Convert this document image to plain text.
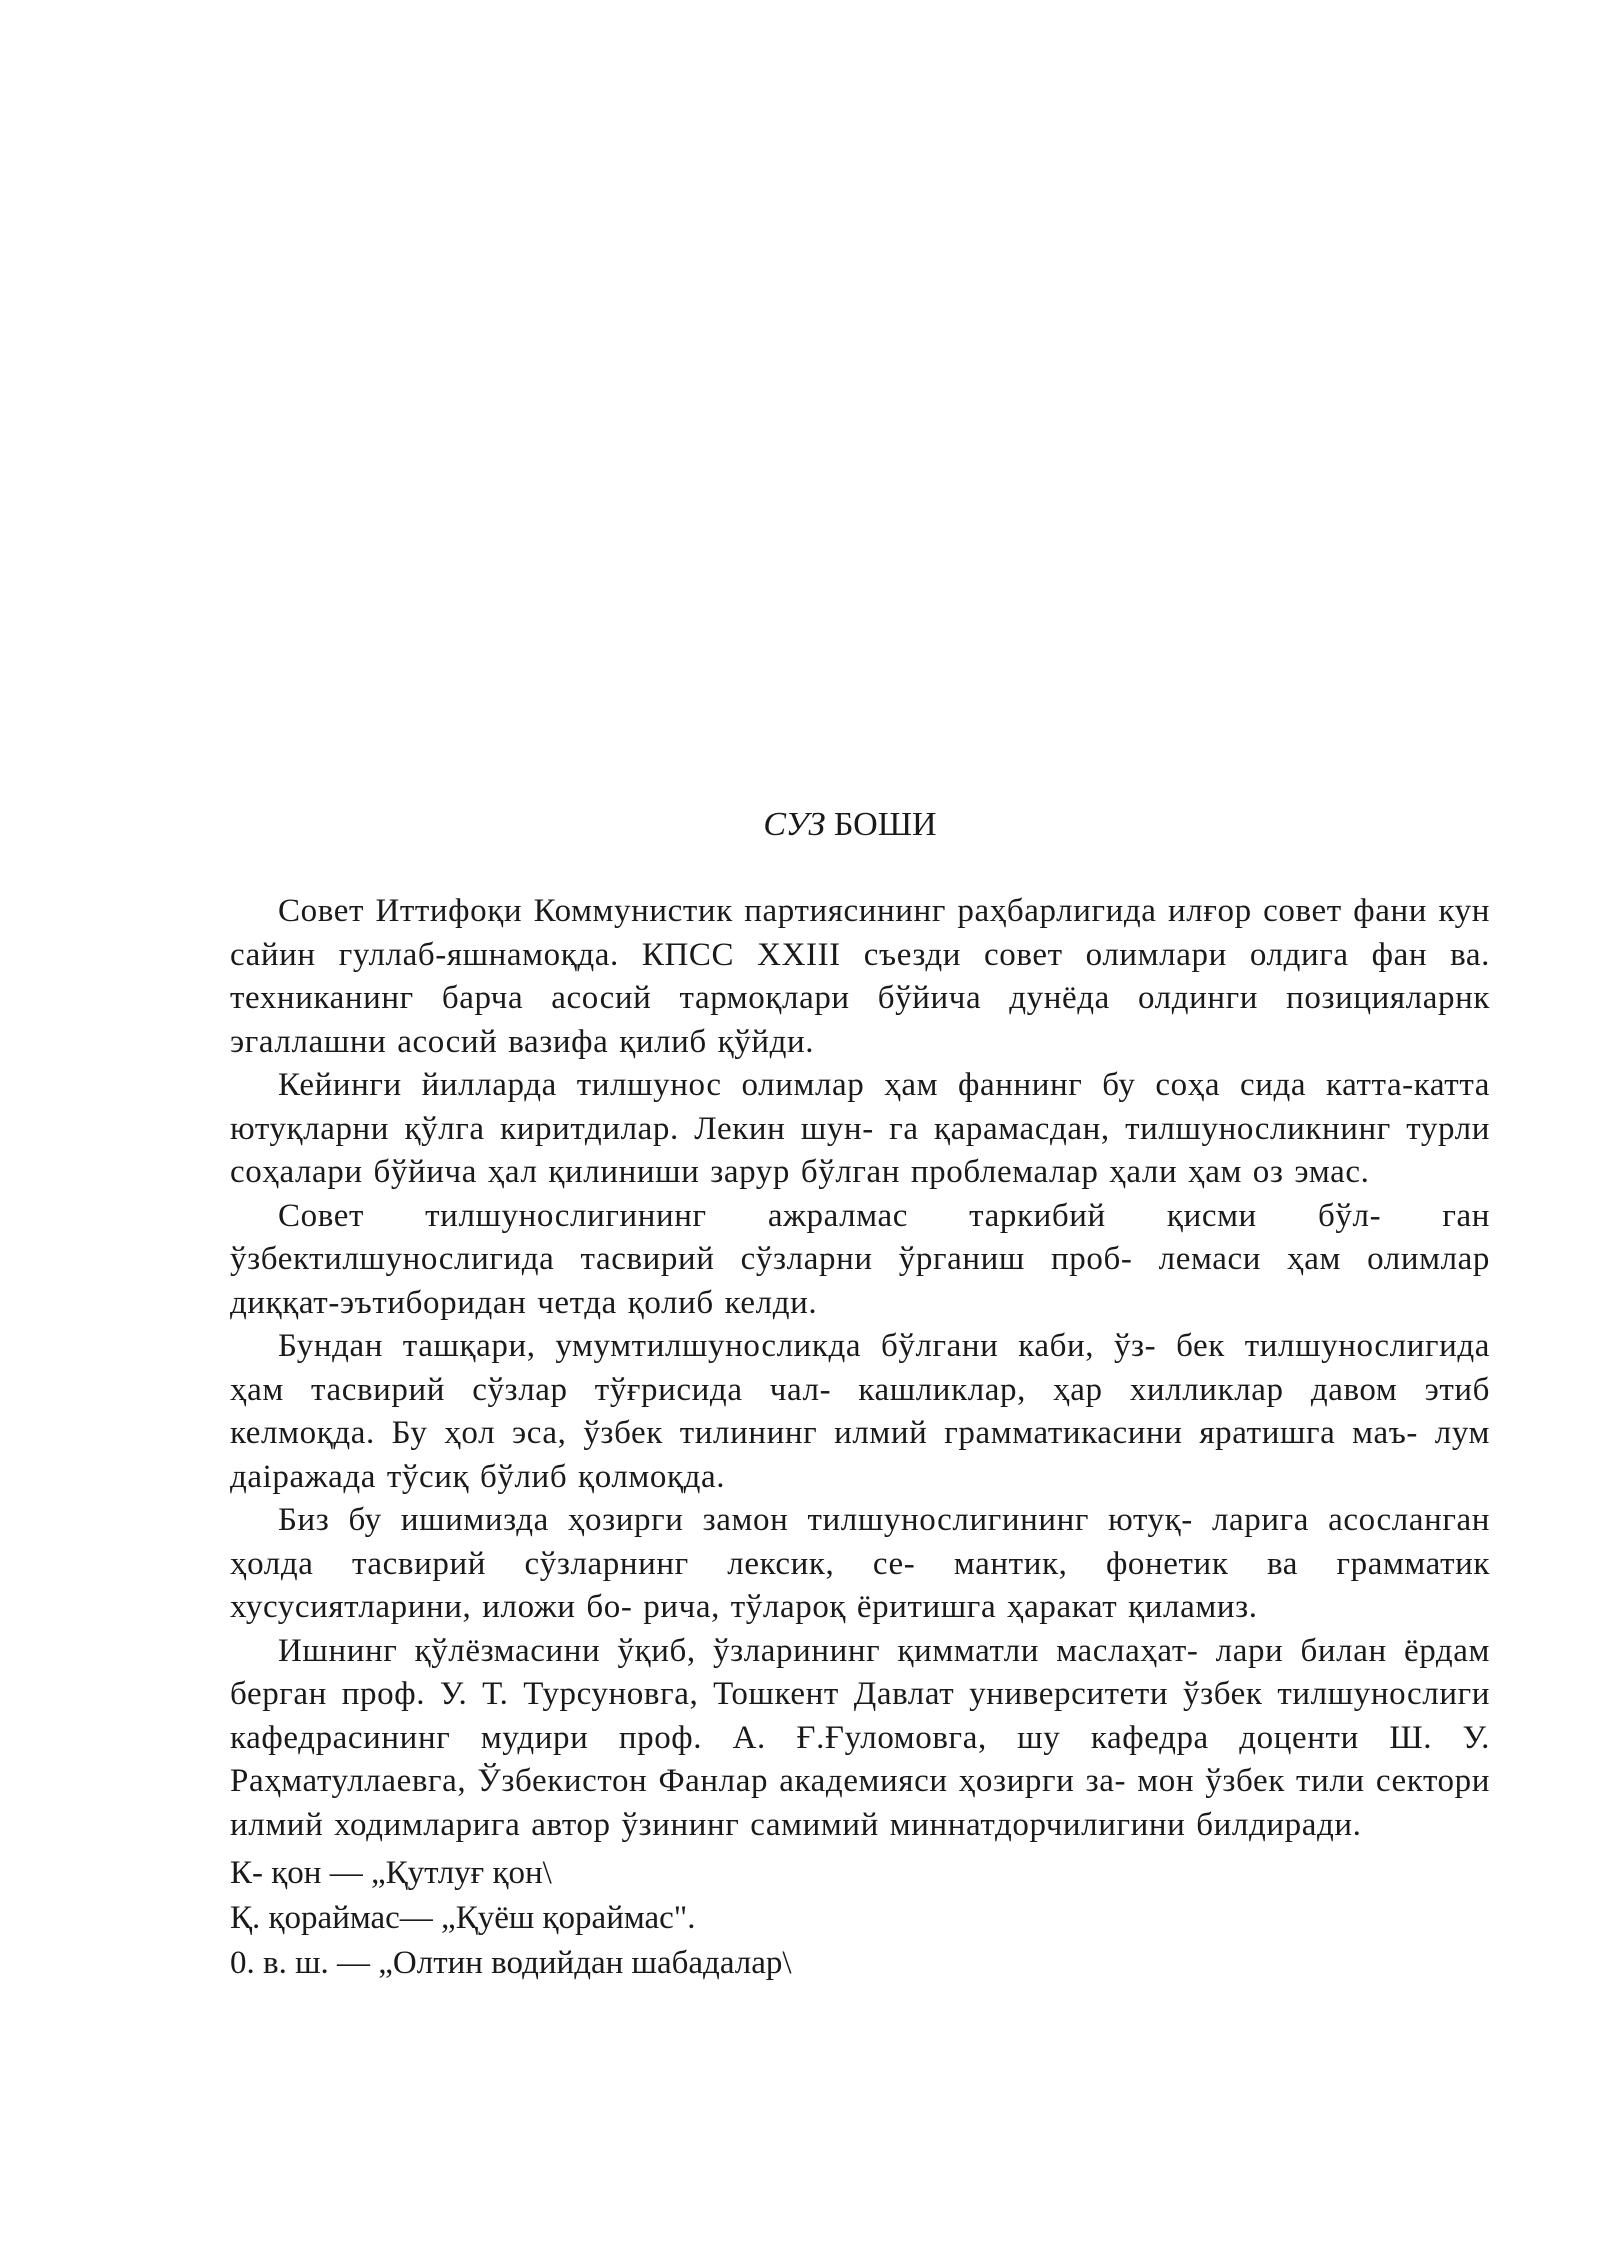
СУЗ БОШИ

Совет Иттифоқи Коммунистик партиясининг раҳбарлигида илғор совет фани кун сайин гуллаб-яшнамоқда. КПСС XXIII съезди совет олимлари олдига фан ва. техниканинг барча асосий тармоқлари бўйича дунёда олдинги позицияларнк эгаллашни асосий вазифа қилиб қўйди.

Кейинги йилларда тилшунос олимлар ҳам фаннинг бу соҳа сида катта-катта ютуқларни қўлга киритдилар. Лекин шун- га қарамасдан, тилшуносликнинг турли соҳалари бўйича ҳал қилиниши зарур бўлган проблемалар ҳали ҳам оз эмас.

Совет тилшунослигининг ажралмас таркибий қисми бўл- ган ўзбектилшунослигида тасвирий сўзларни ўрганиш проб- лемаси ҳам олимлар диққат-эътиборидан четда қолиб келди.

Бундан ташқари, умумтилшуносликда бўлгани каби, ўз- бек тилшунослигида ҳам тасвирий сўзлар тўғрисида чал- кашликлар, ҳар хилликлар давом этиб келмоқда. Бу ҳол эса, ўзбек тилининг илмий грамматикасини яратишга маъ- лум даіражада тўсиқ бўлиб қолмоқда.

Биз бу ишимизда ҳозирги замон тилшунослигининг ютуқ- ларига асосланган ҳолда тасвирий сўзларнинг лексик, се- мантик, фонетик ва грамматик хусусиятларини, иложи бо- рича, тўлароқ ёритишга ҳаракат қиламиз.

Ишнинг қўлёзмасини ўқиб, ўзларининг қимматли маслаҳат- лари билан ёрдам берган проф. У. Т. Турсуновга, Тошкент Давлат университети ўзбек тилшунослиги кафедрасининг мудири проф. А. Ғ.Ғуломовга, шу кафедра доценти Ш. У. Раҳматуллаевга, Ўзбекистон Фанлар академияси ҳозирги за- мон ўзбек тили сектори илмий ходимларига автор ўзининг самимий миннатдорчилигини билдиради.

К- қон — „Қутлуғ қон\
Қ. қораймас— „Қуёш қораймас".
0. в. ш. — „Олтин водийдан шабадалар\
